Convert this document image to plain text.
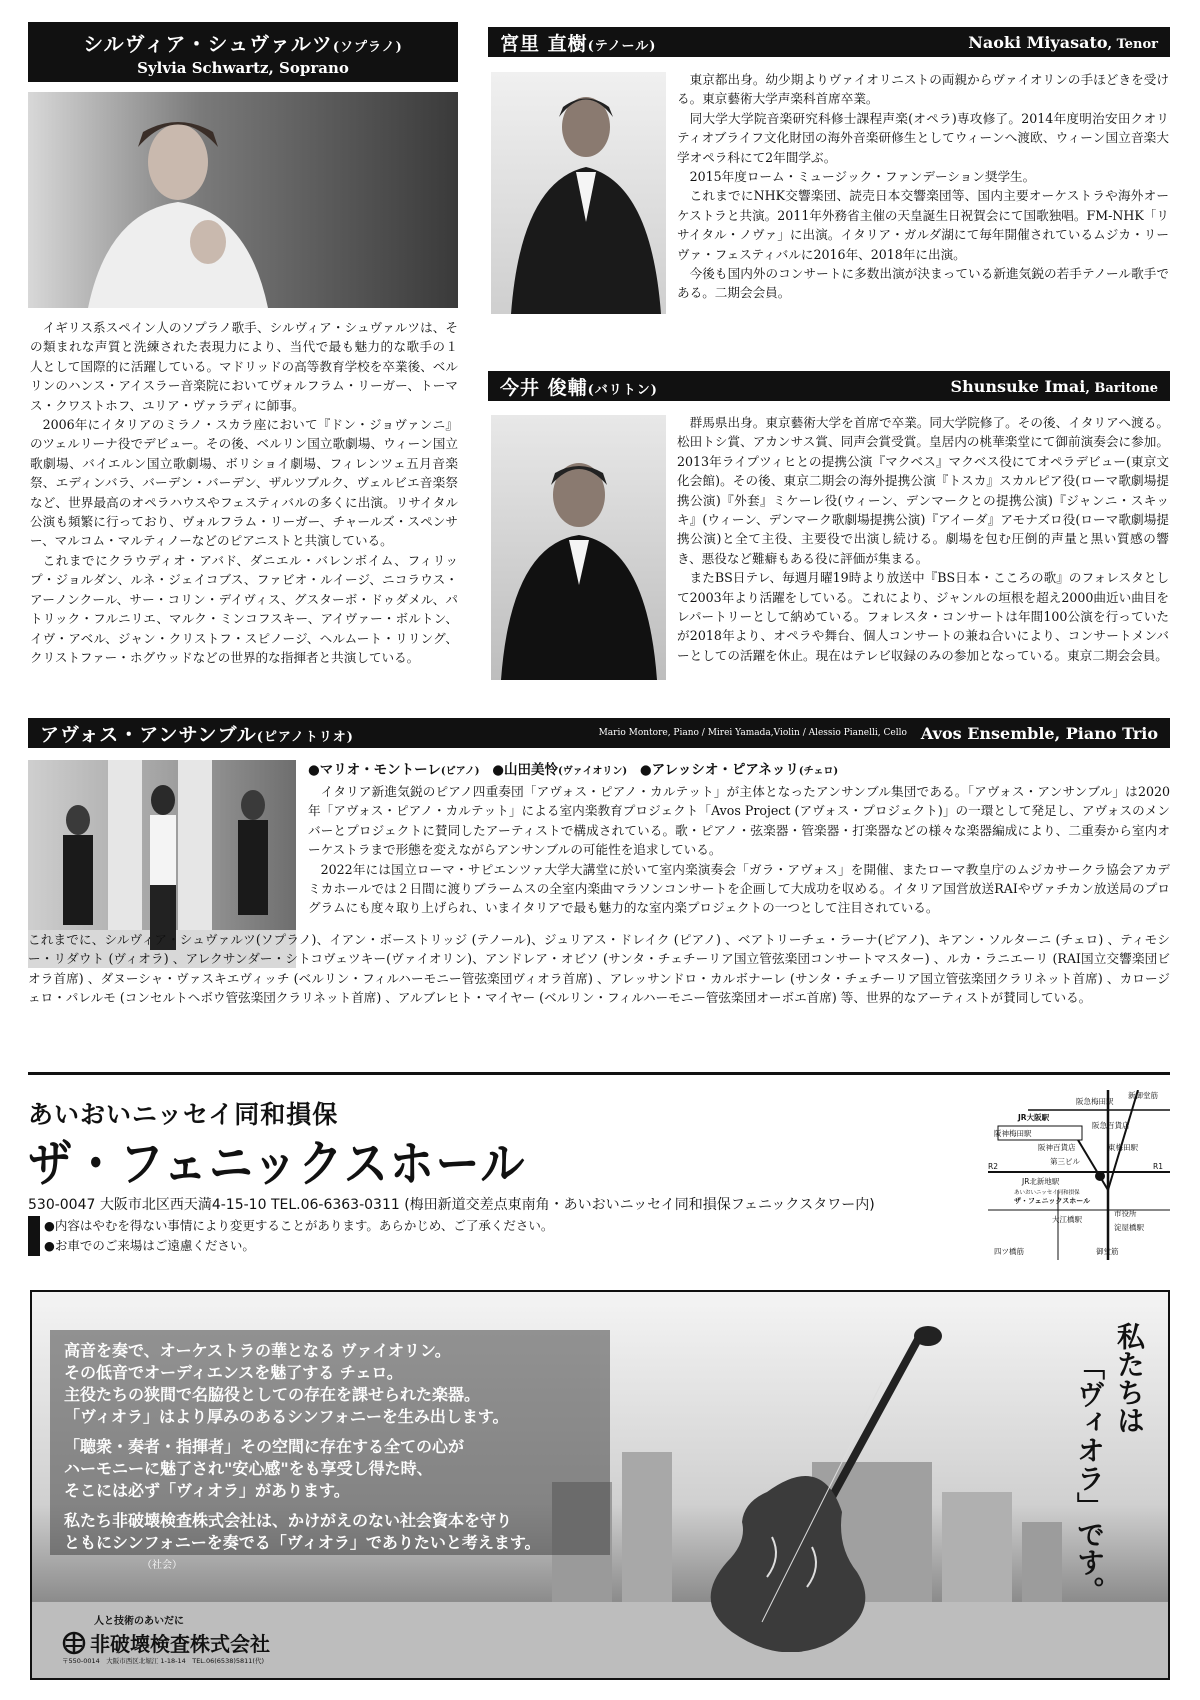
シルヴィア・シュヴァルツ(ソプラノ)
Sylvia Schwartz, Soprano

イギリス系スペイン人のソプラノ歌手、シルヴィア・シュヴァルツは、その類まれな声質と洗練された表現力により、当代で最も魅力的な歌手の１人として国際的に活躍している。マドリッドの高等教育学校を卒業後、ベルリンのハンス・アイスラー音楽院においてヴォルフラム・リーガー、トーマス・クワストホフ、ユリア・ヴァラディに師事。

2006年にイタリアのミラノ・スカラ座において『ドン・ジョヴァンニ』のツェルリーナ役でデビュー。その後、ベルリン国立歌劇場、ウィーン国立歌劇場、バイエルン国立歌劇場、ボリショイ劇場、フィレンツェ五月音楽祭、エディンバラ、バーデン・バーデン、ザルツブルク、ヴェルビエ音楽祭など、世界最高のオペラハウスやフェスティバルの多くに出演。リサイタル公演も頻繁に行っており、ヴォルフラム・リーガー、チャールズ・スペンサー、マルコム・マルティノーなどのピアニストと共演している。

これまでにクラウディオ・アバド、ダニエル・バレンボイム、フィリップ・ジョルダン、ルネ・ジェイコブス、ファビオ・ルイージ、ニコラウス・アーノンクール、サー・コリン・デイヴィス、グスターボ・ドゥダメル、パトリック・フルニリエ、マルク・ミンコフスキー、アイヴァー・ボルトン、イヴ・アベル、ジャン・クリストフ・スピノージ、ヘルムート・リリング、クリストファー・ホグウッドなどの世界的な指揮者と共演している。

宮里 直樹(テノール)	Naoki Miyasato, Tenor

東京都出身。幼少期よりヴァイオリニストの両親からヴァイオリンの手ほどきを受ける。東京藝術大学声楽科首席卒業。

同大学大学院音楽研究科修士課程声楽(オペラ)専攻修了。2014年度明治安田クオリティオブライフ文化財団の海外音楽研修生としてウィーンへ渡欧、ウィーン国立音楽大学オペラ科にて2年間学ぶ。

2015年度ローム・ミュージック・ファンデーション奨学生。

これまでにNHK交響楽団、読売日本交響楽団等、国内主要オーケストラや海外オーケストラと共演。2011年外務省主催の天皇誕生日祝賀会にて国歌独唱。FM-NHK「リサイタル・ノヴァ」に出演。イタリア・ガルダ湖にて毎年開催されているムジカ・リーヴァ・フェスティバルに2016年、2018年に出演。

今後も国内外のコンサートに多数出演が決まっている新進気鋭の若手テノール歌手である。二期会会員。

今井 俊輔(バリトン)	Shunsuke Imai, Baritone

群馬県出身。東京藝術大学を首席で卒業。同大学院修了。その後、イタリアへ渡る。松田トシ賞、アカンサス賞、同声会賞受賞。皇居内の桃華楽堂にて御前演奏会に参加。2013年ライプツィヒとの提携公演『マクベス』マクベス役にてオペラデビュー(東京文化会館)。その後、東京二期会の海外提携公演『トスカ』スカルピア役(ローマ歌劇場提携公演)『外套』ミケーレ役(ウィーン、デンマークとの提携公演)『ジャンニ・スキッキ』(ウィーン、デンマーク歌劇場提携公演)『アイーダ』アモナズロ役(ローマ歌劇場提携公演)と全て主役、主要役で出演し続ける。劇場を包む圧倒的声量と黒い質感の響き、悪役など難癖もある役に評価が集まる。

またBS日テレ、毎週月曜19時より放送中『BS日本・こころの歌』のフォレスタとして2003年より活躍をしている。これにより、ジャンルの垣根を超え2000曲近い曲目をレパートリーとして納めている。フォレスタ・コンサートは年間100公演を行っていたが2018年より、オペラや舞台、個人コンサートの兼ね合いにより、コンサートメンバーとしての活躍を休止。現在はテレビ収録のみの参加となっている。東京二期会会員。

アヴォス・アンサンブル(ピアノトリオ)	Mario Montore, Piano / Mirei Yamada,Violin / Alessio Pianelli, Cello Avos Ensemble, Piano Trio
●マリオ・モントーレ(ピアノ) ●山田美怜(ヴァイオリン) ●アレッシオ・ピアネッリ(チェロ)

イタリア新進気鋭のピアノ四重奏団「アヴォス・ピアノ・カルテット」が主体となったアンサンブル集団である。「アヴォス・アンサンブル」は2020年「アヴォス・ピアノ・カルテット」による室内楽教育プロジェクト「Avos Project (アヴォス・プロジェクト)」の一環として発足し、アヴォスのメンバーとプロジェクトに賛同したアーティストで構成されている。歌・ピアノ・弦楽器・管楽器・打楽器などの様々な楽器編成により、二重奏から室内オーケストラまで形態を変えながらアンサンブルの可能性を追求している。

2022年には国立ローマ・サピエンツァ大学大講堂に於いて室内楽演奏会「ガラ・アヴォス」を開催、またローマ教皇庁のムジカサークラ協会アカデミカホールでは２日間に渡りブラームスの全室内楽曲マラソンコンサートを企画して大成功を収める。イタリア国営放送RAIやヴァチカン放送局のプログラムにも度々取り上げられ、いまイタリアで最も魅力的な室内楽プロジェクトの一つとして注目されている。

これまでに、シルヴィア・シュヴァルツ(ソプラノ)、イアン・ボーストリッジ (テノール)、ジュリアス・ドレイク (ピアノ) 、ベアトリーチェ・ラーナ(ピアノ)、キアン・ソルターニ (チェロ) 、ティモシー・リダウト (ヴィオラ) 、アレクサンダー・シトコヴェツキー(ヴァイオリン)、アンドレア・オビソ (サンタ・チェチーリア国立管弦楽団コンサートマスター) 、ルカ・ラニエーリ (RAI国立交響楽団ビオラ首席) 、ダヌーシャ・ヴァスキエヴィッチ (ベルリン・フィルハーモニー管弦楽団ヴィオラ首席) 、アレッサンドロ・カルボナーレ (サンタ・チェチーリア国立管弦楽団クラリネット首席) 、カロージェロ・パレルモ (コンセルトヘボウ管弦楽団クラリネット首席) 、アルブレヒト・マイヤー (ベルリン・フィルハーモニー管弦楽団オーボエ首席) 等、世界的なアーティストが賛同している。

あいおいニッセイ同和損保
ザ・フェニックスホール
530-0047 大阪市北区西天満4-15-10 TEL.06-6363-0311 (梅田新道交差点東南角・あいおいニッセイ同和損保フェニックスタワー内)
●内容はやむを得ない事情により変更することがあります。あらかじめ、ご了承ください。
●お車でのご来場はご遠慮ください。
新御堂筋
JR大阪駅
阪急梅田駅
阪神梅田駅
阪急百貨店
阪神百貨店	東梅田駅
第三ビル
R2	R1
JR北新地駅
あいおいニッセイ同和損保
ザ・フェニックスホール
大江橋駅
市役所
淀屋橋駅
四ツ橋筋	御堂筋
高音を奏で、オーケストラの華となる ヴァイオリン。
その低音でオーディエンスを魅了する チェロ。
主役たちの狭間で名脇役としての存在を課せられた楽器。
「ヴィオラ」はより厚みのあるシンフォニーを生み出します。
「聴衆・奏者・指揮者」その空間に存在する全ての心が
ハーモニーに魅了され"安心感"をも享受し得た時、
そこには必ず「ヴィオラ」があります。
私たち非破壊検査株式会社は、かけがえのない社会資本を守り
ともにシンフォニーを奏でる「ヴィオラ」でありたいと考えます。
（社会）	「ヴィオラ」です。 私たちは
人と技術のあいだに
非破壊検査株式会社
〒550-0014　大阪市西区北堀江 1-18-14　TEL.06(6538)5811(代)
